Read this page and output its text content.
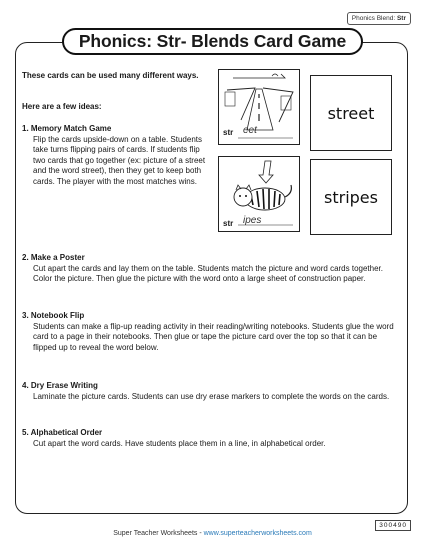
Phonics Blend: Str
Phonics: Str- Blends Card Game
These cards can be used many different ways.
Here are a few ideas:
1. Memory Match Game
Flip the cards upside-down on a table. Students take turns flipping pairs of cards. If students flip two cards that go together (ex: picture of a street and the word street), then they get to keep both cards. The player with the most matches wins.
2. Make a Poster
Cut apart the cards and lay them on the table. Students match the picture and word cards together. Color the picture. Then glue the picture with the word onto a large sheet of construction paper.
3. Notebook Flip
Students can make a flip-up reading activity in their reading/writing notebooks. Students glue the word card to a page in their notebooks. Then glue or tape the picture card over the top so that it can be flipped up to reveal the word below.
4. Dry Erase Writing
Laminate the picture cards. Students can use dry erase markers to complete the words on the cards.
5. Alphabetical Order
Cut apart the word cards. Have students place them in a line, in alphabetical order.
str eet
street
str ipes
stripes
300490
Super Teacher Worksheets - www.superteacherworksheets.com
